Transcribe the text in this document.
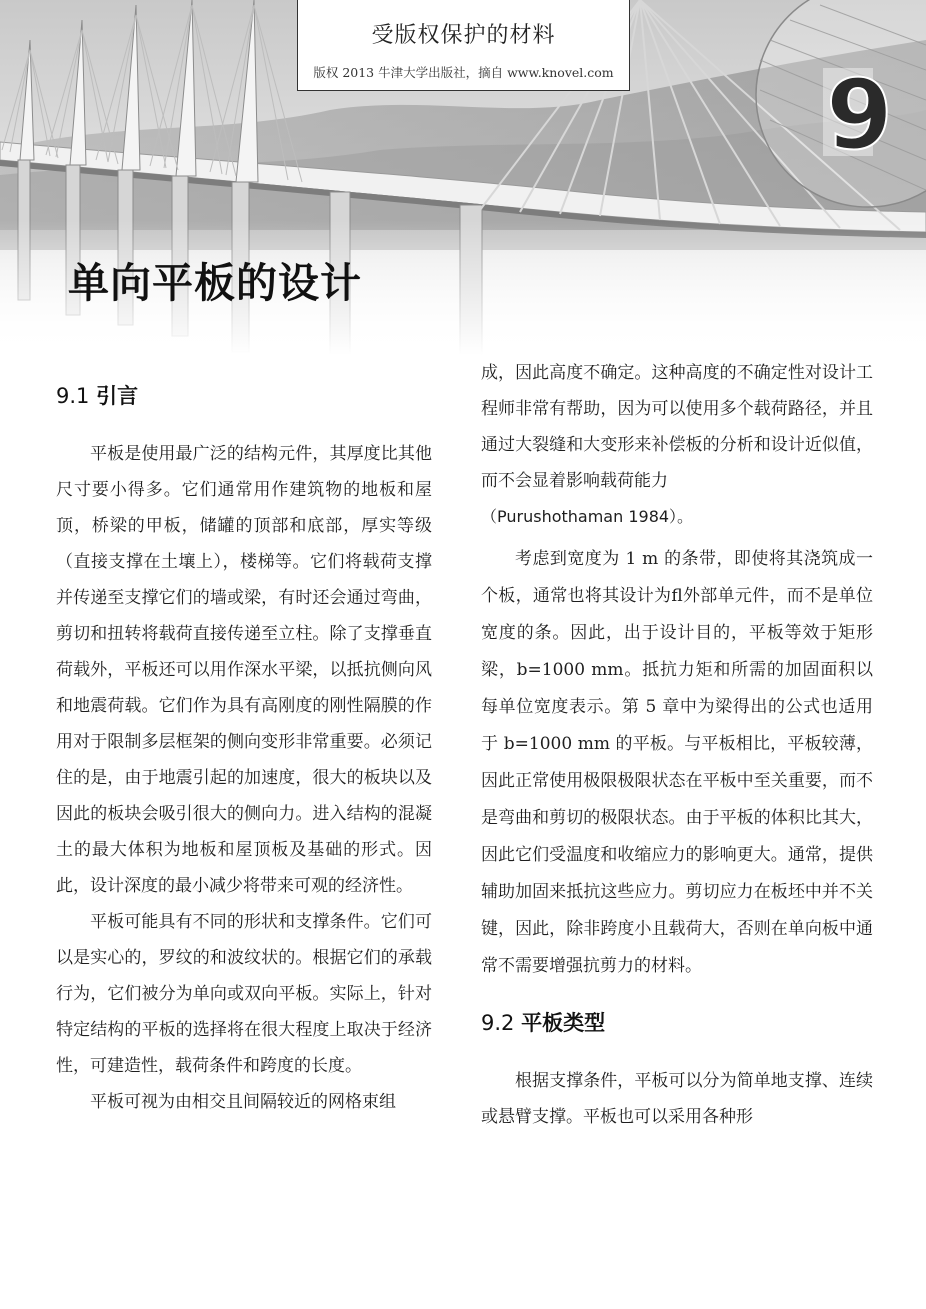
9
受版权保护的材料
版权 2013 牛津大学出版社，摘自 www.knovel.com
单向平板的设计
9.1 引言

平板是使用最广泛的结构元件，其厚度比其他尺寸要小得多。它们通常用作建筑物的地板和屋顶，桥梁的甲板，储罐的顶部和底部，厚实等级（直接支撑在土壤上），楼梯等。它们将载荷支撑并传递至支撑它们的墙或梁，有时还会通过弯曲，剪切和扭转将载荷直接传递至立柱。除了支撑垂直荷载外，平板还可以用作深水平梁，以抵抗侧向风和地震荷载。它们作为具有高刚度的刚性隔膜的作用对于限制多层框架的侧向变形非常重要。必须记住的是，由于地震引起的加速度，很大的板块以及因此的板块会吸引很大的侧向力。进入结构的混凝土的最大体积为地板和屋顶板及基础的形式。因此，设计深度的最小减少将带来可观的经济性。

平板可能具有不同的形状和支撑条件。它们可以是实心的，罗纹的和波纹状的。根据它们的承载行为，它们被分为单向或双向平板。实际上，针对特定结构的平板的选择将在很大程度上取决于经济性，可建造性，载荷条件和跨度的长度。

平板可视为由相交且间隔较近的网格束组

成，因此高度不确定。这种高度的不确定性对设计工程师非常有帮助，因为可以使用多个载荷路径，并且通过大裂缝和大变形来补偿板的分析和设计近似值，而不会显着影响载荷能力

（Purushothaman 1984）。

考虑到宽度为 1 m 的条带，即使将其浇筑成一个板，通常也将其设计为fl外部单元件，而不是单位宽度的条。因此，出于设计目的，平板等效于矩形梁，b=1000 mm。抵抗力矩和所需的加固面积以每单位宽度表示。第 5 章中为梁得出的公式也适用于 b=1000 mm 的平板。与平板相比，平板较薄，因此正常使用极限极限状态在平板中至关重要，而不是弯曲和剪切的极限状态。由于平板的体积比其大，因此它们受温度和收缩应力的影响更大。通常，提供辅助加固来抵抗这些应力。剪切应力在板坯中并不关键，因此，除非跨度小且载荷大，否则在单向板中通常不需要增强抗剪力的材料。

9.2 平板类型

根据支撑条件，平板可以分为简单地支撑、连续或悬臂支撑。平板也可以采用各种形
